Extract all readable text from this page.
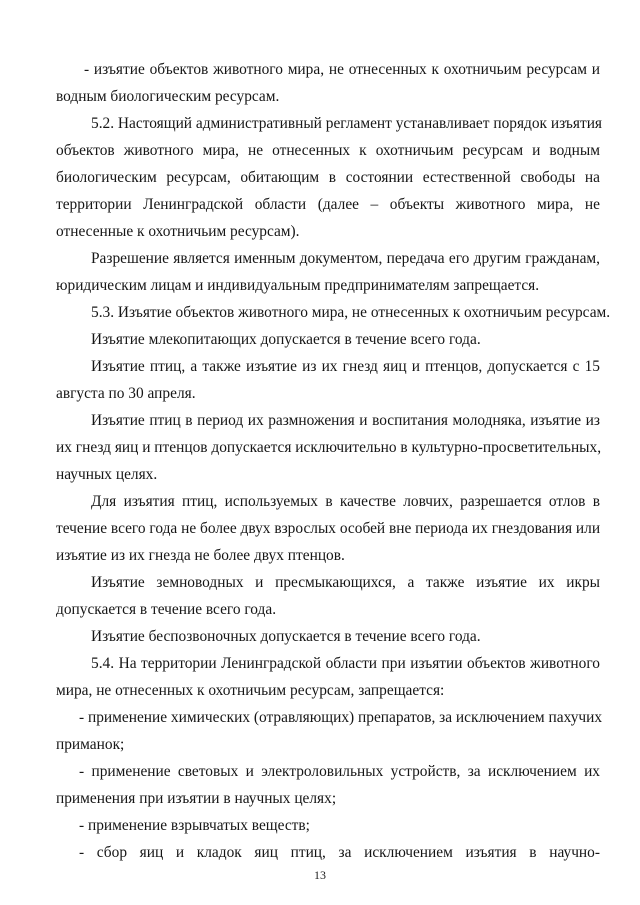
- изъятие объектов животного мира, не отнесенных к охотничьим ресурсам и
водным биологическим ресурсам.
5.2. Настоящий административный регламент устанавливает порядок изъятия
объектов животного мира, не отнесенных к охотничьим ресурсам и водным
биологическим ресурсам, обитающим в состоянии естественной свободы на
территории Ленинградской области (далее – объекты животного мира, не
отнесенные к охотничьим ресурсам).
Разрешение является именным документом, передача его другим гражданам,
юридическим лицам и индивидуальным предпринимателям запрещается.
5.3. Изъятие объектов животного мира, не отнесенных к охотничьим ресурсам.
Изъятие млекопитающих допускается в течение всего года.
Изъятие птиц, а также изъятие из их гнезд яиц и птенцов, допускается с 15
августа по 30 апреля.
Изъятие птиц в период их размножения и воспитания молодняка, изъятие из
их гнезд яиц и птенцов допускается исключительно в культурно-просветительных,
научных целях.
Для изъятия птиц, используемых в качестве ловчих, разрешается отлов в
течение всего года не более двух взрослых особей вне периода их гнездования или
изъятие из их гнезда не более двух птенцов.
Изъятие земноводных и пресмыкающихся, а также изъятие их икры
допускается в течение всего года.
Изъятие беспозвоночных допускается в течение всего года.
5.4. На территории Ленинградской области при изъятии объектов животного
мира, не отнесенных к охотничьим ресурсам, запрещается:
- применение химических (отравляющих) препаратов, за исключением пахучих
приманок;
- применение световых и электроловильных устройств, за исключением их
применения при изъятии в научных целях;
- применение взрывчатых веществ;
- сбор яиц и кладок яиц птиц, за исключением изъятия в научно-
13
